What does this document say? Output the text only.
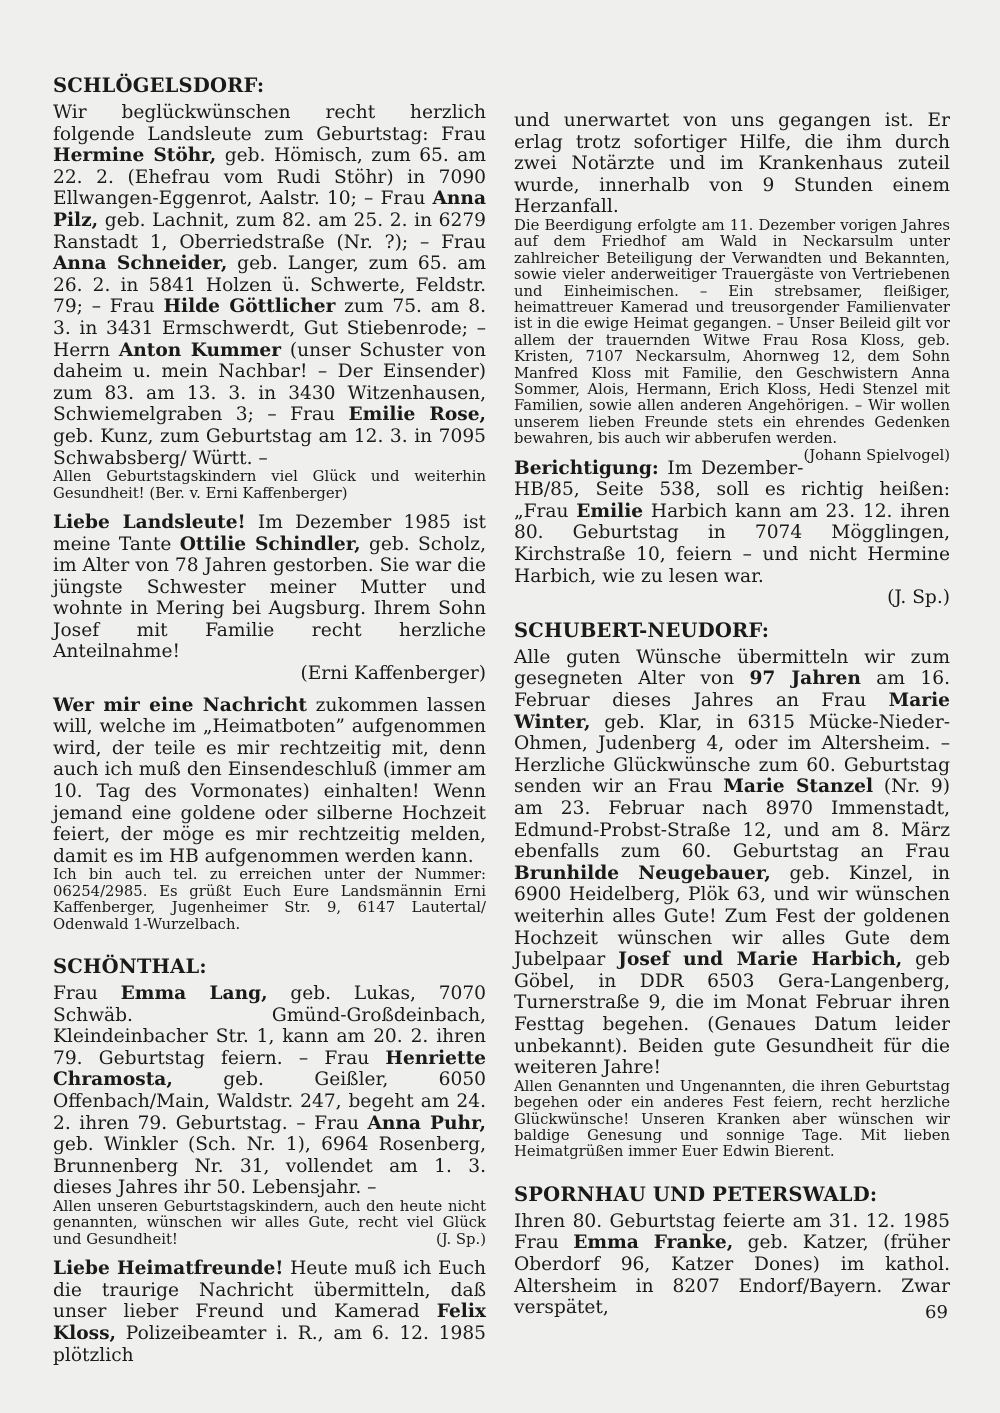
SCHLÖGELSDORF:

Wir beglückwünschen recht herzlich folgende Landsleute zum Geburtstag: Frau Hermine Stöhr, geb. Hömisch, zum 65. am 22. 2. (Ehefrau vom Rudi Stöhr) in 7090 Ellwangen-Eggenrot, Aalstr. 10; – Frau Anna Pilz, geb. Lachnit, zum 82. am 25. 2. in 6279 Ranstadt 1, Oberriedstraße (Nr. ?); – Frau Anna Schneider, geb. Langer, zum 65. am 26. 2. in 5841 Holzen ü. Schwerte, Feldstr. 79; – Frau Hilde Göttlicher zum 75. am 8. 3. in 3431 Ermschwerdt, Gut Stiebenrode; – Herrn Anton Kummer (unser Schuster von daheim u. mein Nachbar! – Der Einsender) zum 83. am 13. 3. in 3430 Witzenhausen, Schwiemelgraben 3; – Frau Emilie Rose, geb. Kunz, zum Geburtstag am 12. 3. in 7095 Schwabsberg/ Württ. –

Allen Geburtstagskindern viel Glück und weiterhin Gesundheit! (Ber. v. Erni Kaffenberger)

Liebe Landsleute! Im Dezember 1985 ist meine Tante Ottilie Schindler, geb. Scholz, im Alter von 78 Jahren gestorben. Sie war die jüngste Schwester meiner Mutter und wohnte in Mering bei Augsburg. Ihrem Sohn Josef mit Familie recht herzliche Anteilnahme!

(Erni Kaffenberger)

Wer mir eine Nachricht zukommen lassen will, welche im „Heimatboten” aufgenommen wird, der teile es mir rechtzeitig mit, denn auch ich muß den Einsendeschluß (immer am 10. Tag des Vormonates) einhalten! Wenn jemand eine goldene oder silberne Hochzeit feiert, der möge es mir rechtzeitig melden, damit es im HB aufgenommen werden kann.

Ich bin auch tel. zu erreichen unter der Nummer: 06254/2985. Es grüßt Euch Eure Landsmännin Erni Kaffenberger, Jugenheimer Str. 9, 6147 Lautertal/ Odenwald 1-Wurzelbach.

SCHÖNTHAL:

Frau Emma Lang, geb. Lukas, 7070 Schwäb. Gmünd-Großdeinbach, Kleindeinbacher Str. 1, kann am 20. 2. ihren 79. Geburtstag feiern. – Frau Henriette Chramosta, geb. Geißler, 6050 Offenbach/Main, Waldstr. 247, begeht am 24. 2. ihren 79. Geburtstag. – Frau Anna Puhr, geb. Winkler (Sch. Nr. 1), 6964 Rosenberg, Brunnenberg Nr. 31, vollendet am 1. 3. dieses Jahres ihr 50. Lebensjahr. –

Allen unseren Geburtstagskindern, auch den heute nicht genannten, wünschen wir alles Gute, recht viel Glück und Gesundheit!	(J. Sp.)

Liebe Heimatfreunde! Heute muß ich Euch die traurige Nachricht übermitteln, daß unser lieber Freund und Kamerad Felix Kloss, Polizeibeamter i. R., am 6. 12. 1985 plötzlich

und unerwartet von uns gegangen ist. Er erlag trotz sofortiger Hilfe, die ihm durch zwei Notärzte und im Krankenhaus zuteil wurde, innerhalb von 9 Stunden einem Herzanfall.

Die Beerdigung erfolgte am 11. Dezember vorigen Jahres auf dem Friedhof am Wald in Neckarsulm unter zahlreicher Beteiligung der Verwandten und Bekannten, sowie vieler anderweitiger Trauergäste von Vertriebenen und Einheimischen. – Ein strebsamer, fleißiger, heimattreuer Kamerad und treusorgender Familienvater ist in die ewige Heimat gegangen. – Unser Beileid gilt vor allem der trauernden Witwe Frau Rosa Kloss, geb. Kristen, 7107 Neckarsulm, Ahornweg 12, dem Sohn Manfred Kloss mit Familie, den Geschwistern Anna Sommer, Alois, Hermann, Erich Kloss, Hedi Stenzel mit Familien, sowie allen anderen Angehörigen. – Wir wollen unserem lieben Freunde stets ein ehrendes Gedenken bewahren, bis auch wir abberufen werden.
(Johann Spielvogel)

Berichtigung: Im Dezember-HB/85, Seite 538, soll es richtig heißen: „Frau Emilie Harbich kann am 23. 12. ihren 80. Geburtstag in 7074 Mögglingen, Kirchstraße 10, feiern – und nicht Hermine Harbich, wie zu lesen war.

(J. Sp.)

SCHUBERT-NEUDORF:

Alle guten Wünsche übermitteln wir zum gesegneten Alter von 97 Jahren am 16. Februar dieses Jahres an Frau Marie Winter, geb. Klar, in 6315 Mücke-Nieder-Ohmen, Judenberg 4, oder im Altersheim. – Herzliche Glückwünsche zum 60. Geburtstag senden wir an Frau Marie Stanzel (Nr. 9) am 23. Februar nach 8970 Immenstadt, Edmund-Probst-Straße 12, und am 8. März ebenfalls zum 60. Geburtstag an Frau Brunhilde Neugebauer, geb. Kinzel, in 6900 Heidelberg, Plök 63, und wir wünschen weiterhin alles Gute! Zum Fest der goldenen Hochzeit wünschen wir alles Gute dem Jubelpaar Josef und Marie Harbich, geb Göbel, in DDR 6503 Gera-Langenberg, Turnerstraße 9, die im Monat Februar ihren Festtag begehen. (Genaues Datum leider unbekannt). Beiden gute Gesundheit für die weiteren Jahre!

Allen Genannten und Ungenannten, die ihren Geburtstag begehen oder ein anderes Fest feiern, recht herzliche Glückwünsche! Unseren Kranken aber wünschen wir baldige Genesung und sonnige Tage. Mit lieben Heimatgrüßen immer Euer Edwin Bierent.

SPORNHAU UND PETERSWALD:

Ihren 80. Geburtstag feierte am 31. 12. 1985 Frau Emma Franke, geb. Katzer, (früher Oberdorf 96, Katzer Dones) im kathol. Altersheim in 8207 Endorf/Bayern. Zwar verspätet,	69
